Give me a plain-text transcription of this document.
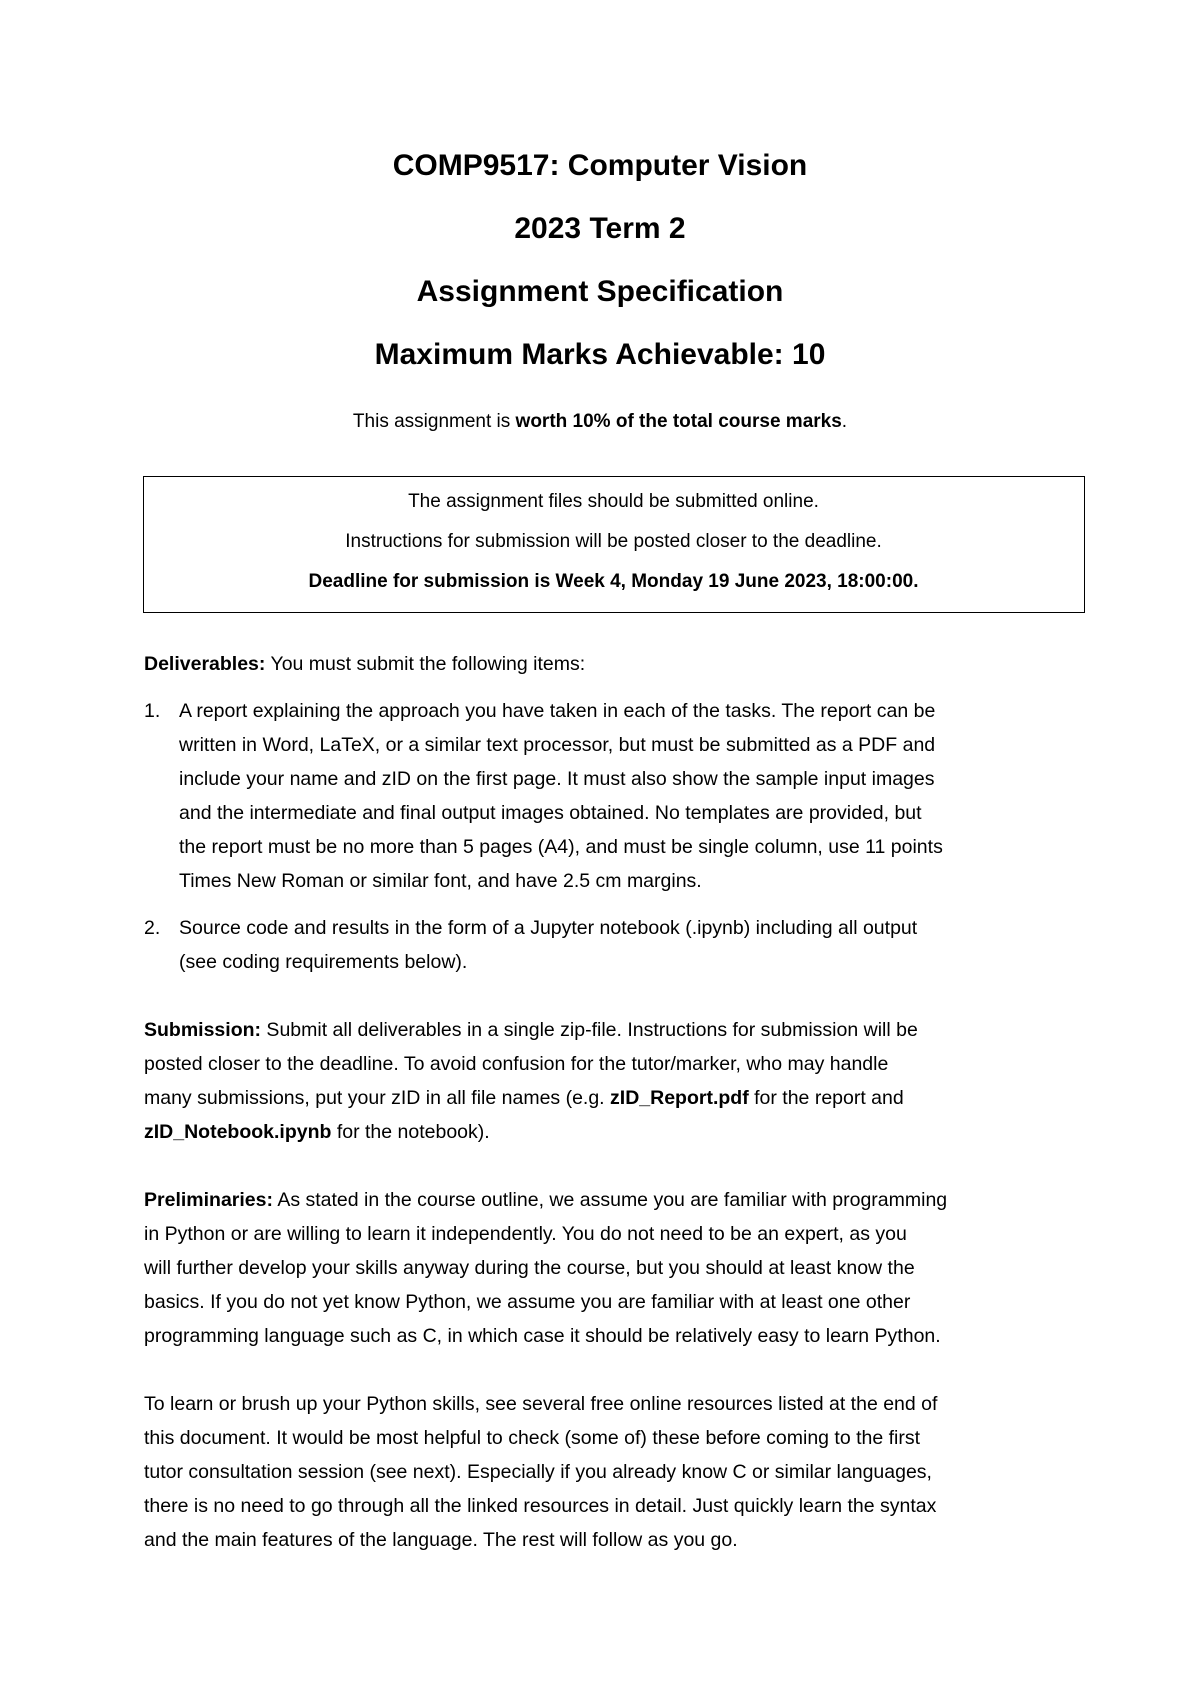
COMP9517: Computer Vision
2023 Term 2
Assignment Specification
Maximum Marks Achievable: 10
This assignment is worth 10% of the total course marks.
The assignment files should be submitted online.
Instructions for submission will be posted closer to the deadline.
Deadline for submission is Week 4, Monday 19 June 2023, 18:00:00.
Deliverables: You must submit the following items:
1. A report explaining the approach you have taken in each of the tasks. The report can be
written in Word, LaTeX, or a similar text processor, but must be submitted as a PDF and
include your name and zID on the first page. It must also show the sample input images
and the intermediate and final output images obtained. No templates are provided, but
the report must be no more than 5 pages (A4), and must be single column, use 11 points
Times New Roman or similar font, and have 2.5 cm margins.
2. Source code and results in the form of a Jupyter notebook (.ipynb) including all output
(see coding requirements below).
Submission: Submit all deliverables in a single zip-file. Instructions for submission will be
posted closer to the deadline. To avoid confusion for the tutor/marker, who may handle
many submissions, put your zID in all file names (e.g. zID_Report.pdf for the report and
zID_Notebook.ipynb for the notebook).
Preliminaries: As stated in the course outline, we assume you are familiar with programming
in Python or are willing to learn it independently. You do not need to be an expert, as you
will further develop your skills anyway during the course, but you should at least know the
basics. If you do not yet know Python, we assume you are familiar with at least one other
programming language such as C, in which case it should be relatively easy to learn Python.
To learn or brush up your Python skills, see several free online resources listed at the end of
this document. It would be most helpful to check (some of) these before coming to the first
tutor consultation session (see next). Especially if you already know C or similar languages,
there is no need to go through all the linked resources in detail. Just quickly learn the syntax
and the main features of the language. The rest will follow as you go.
